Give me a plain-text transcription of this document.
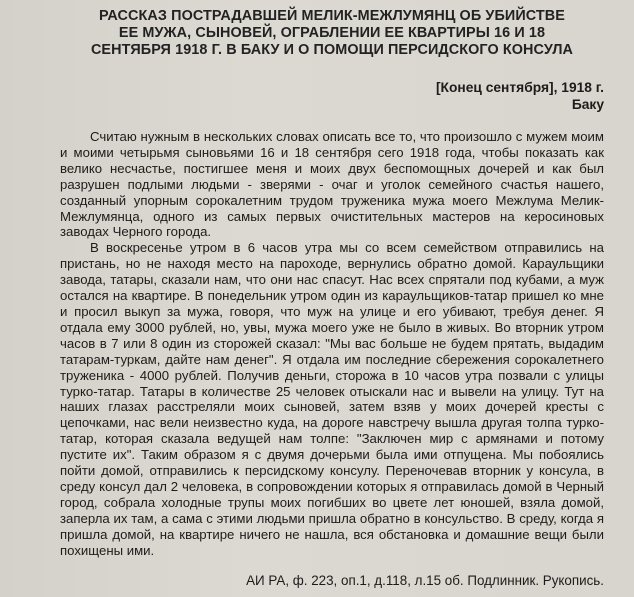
РАССКАЗ ПОСТРАДАВШЕЙ МЕЛИК-МЕЖЛУМЯНЦ ОБ УБИЙСТВЕ
ЕЕ МУЖА, СЫНОВЕЙ, ОГРАБЛЕНИИ ЕЕ КВАРТИРЫ 16 И 18
СЕНТЯБРЯ 1918 Г. В БАКУ И О ПОМОЩИ ПЕРСИДСКОГО КОНСУЛА
[Конец сентября], 1918 г.
Баку

Считаю нужным в нескольких словах описать все то, что произошло с мужем моим и моими четырьмя сыновьями 16 и 18 сентября сего 1918 года, чтобы показать как велико несчастье, постигшее меня и моих двух беспомощных дочерей и как был разрушен подлыми людьми - зверями - очаг и уголок семейного счастья нашего, созданный упорным сорокалетним трудом труженика мужа моего Межлума Мелик-Межлумянца, одного из самых первых очистительных мастеров на керосиновых заводах Черного города.

В воскресенье утром в 6 часов утра мы со всем семейством отправились на пристань, но не находя место на пароходе, вернулись обратно домой. Караульщики завода, татары, сказали нам, что они нас спасут. Нас всех спрятали под кубами, а муж остался на квартире. В понедельник утром один из караульщиков-татар пришел ко мне и просил выкуп за мужа, говоря, что муж на улице и его убивают, требуя денег. Я отдала ему 3000 рублей, но, увы, мужа моего уже не было в живых. Во вторник утром часов в 7 или 8 один из сторожей сказал: "Мы вас больше не будем прятать, выдадим татарам-туркам, дайте нам денег". Я отдала им последние сбережения сорокалетнего труженика - 4000 рублей. Получив деньги, сторожа в 10 часов утра позвали с улицы турко-татар. Татары в количестве 25 человек отыскали нас и вывели на улицу. Тут на наших глазах расстреляли моих сыновей, затем взяв у моих дочерей кресты с цепочками, нас вели неизвестно куда, на дороге навстречу вышла другая толпа турко-татар, которая сказала ведущей нам толпе: "Заключен мир с армянами и потому пустите их". Таким образом я с двумя дочерьми была ими отпущена. Мы побоялись пойти домой, отправились к персидскому консулу. Переночевав вторник у консула, в среду консул дал 2 человека, в сопровождении которых я отправилась домой в Черный город, собрала холодные трупы моих погибших во цвете лет юношей, взяла домой, заперла их там, а сама с этими людьми пришла обратно в консульство. В среду, когда я пришла домой, на квартире ничего не нашла, вся обстановка и домашние вещи были похищены ими.

АИ РА, ф. 223, оп.1, д.118, л.15 об. Подлинник. Рукопись.
